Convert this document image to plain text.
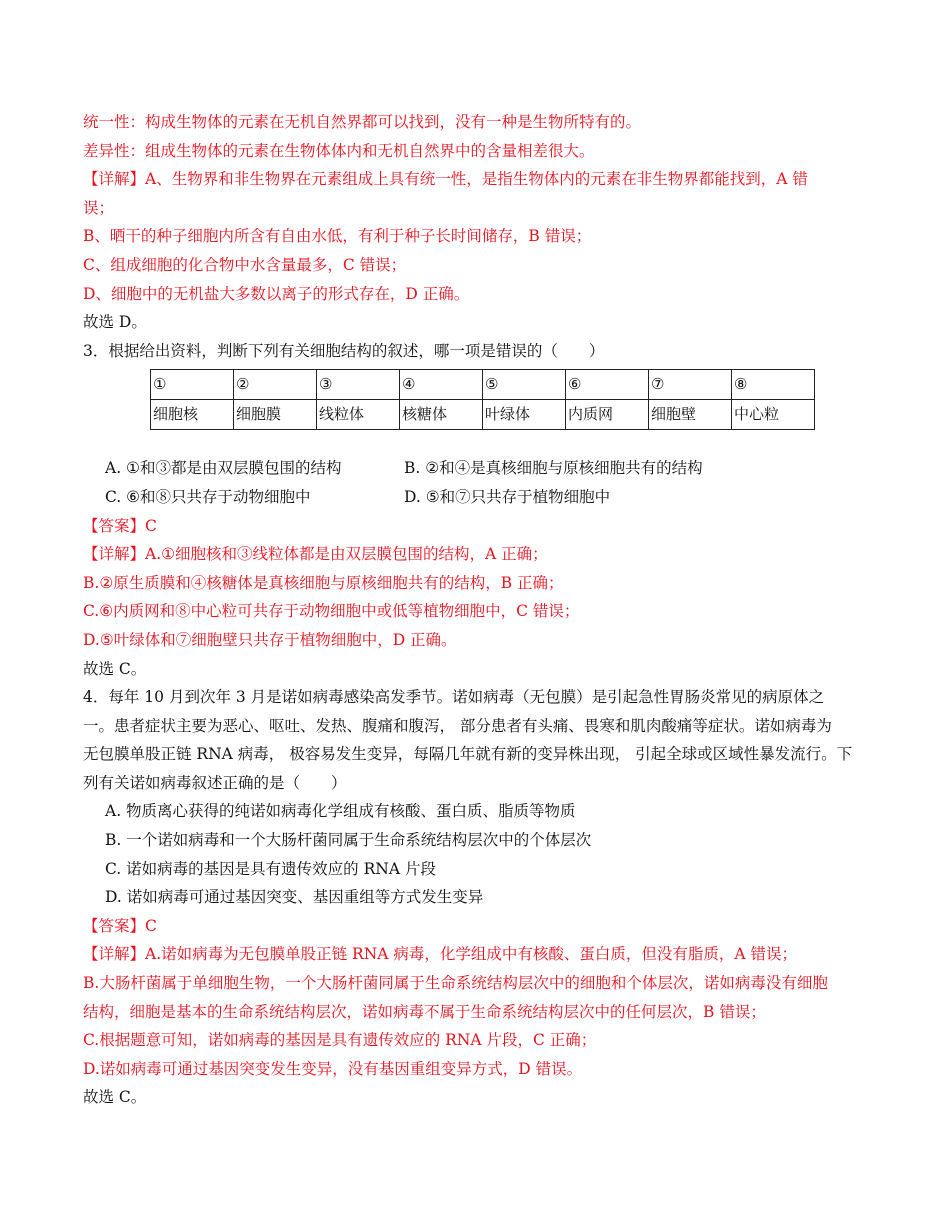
统一性：构成生物体的元素在无机自然界都可以找到，没有一种是生物所特有的。
差异性：组成生物体的元素在生物体体内和无机自然界中的含量相差很大。
【详解】A、生物界和非生物界在元素组成上具有统一性，是指生物体内的元素在非生物界都能找到，A 错
误；
B、晒干的种子细胞内所含有自由水低，有利于种子长时间储存，B 错误；
C、组成细胞的化合物中水含量最多，C 错误；
D、细胞中的无机盐大多数以离子的形式存在，D 正确。
故选 D。
3．根据给出资料，判断下列有关细胞结构的叙述，哪一项是错误的（　　）
①	②	③	④	⑤	⑥	⑦	⑧
细胞核	细胞膜	线粒体	核糖体	叶绿体	内质网	细胞壁	中心粒
A. ①和③都是由双层膜包围的结构	B. ②和④是真核细胞与原核细胞共有的结构
C. ⑥和⑧只共存于动物细胞中	D. ⑤和⑦只共存于植物细胞中
【答案】C
【详解】A.①细胞核和③线粒体都是由双层膜包围的结构，A 正确；
B.②原生质膜和④核糖体是真核细胞与原核细胞共有的结构，B 正确；
C.⑥内质网和⑧中心粒可共存于动物细胞中或低等植物细胞中，C 错误；
D.⑤叶绿体和⑦细胞壁只共存于植物细胞中，D 正确。
故选 C。
4．每年 10 月到次年 3 月是诺如病毒感染高发季节。诺如病毒（无包膜）是引起急性胃肠炎常见的病原体之
一。患者症状主要为恶心、呕吐、发热、腹痛和腹泻， 部分患者有头痛、畏寒和肌肉酸痛等症状。诺如病毒为
无包膜单股正链 RNA 病毒， 极容易发生变异，每隔几年就有新的变异株出现， 引起全球或区域性暴发流行。下
列有关诺如病毒叙述正确的是（　　）
A. 物质离心获得的纯诺如病毒化学组成有核酸、蛋白质、脂质等物质
B. 一个诺如病毒和一个大肠杆菌同属于生命系统结构层次中的个体层次
C. 诺如病毒的基因是具有遗传效应的 RNA 片段
D. 诺如病毒可通过基因突变、基因重组等方式发生变异
【答案】C
【详解】A.诺如病毒为无包膜单股正链 RNA 病毒，化学组成中有核酸、蛋白质，但没有脂质，A 错误；
B.大肠杆菌属于单细胞生物，一个大肠杆菌同属于生命系统结构层次中的细胞和个体层次，诺如病毒没有细胞
结构，细胞是基本的生命系统结构层次，诺如病毒不属于生命系统结构层次中的任何层次，B 错误；
C.根据题意可知，诺如病毒的基因是具有遗传效应的 RNA 片段，C 正确；
D.诺如病毒可通过基因突变发生变异，没有基因重组变异方式，D 错误。
故选 C。
